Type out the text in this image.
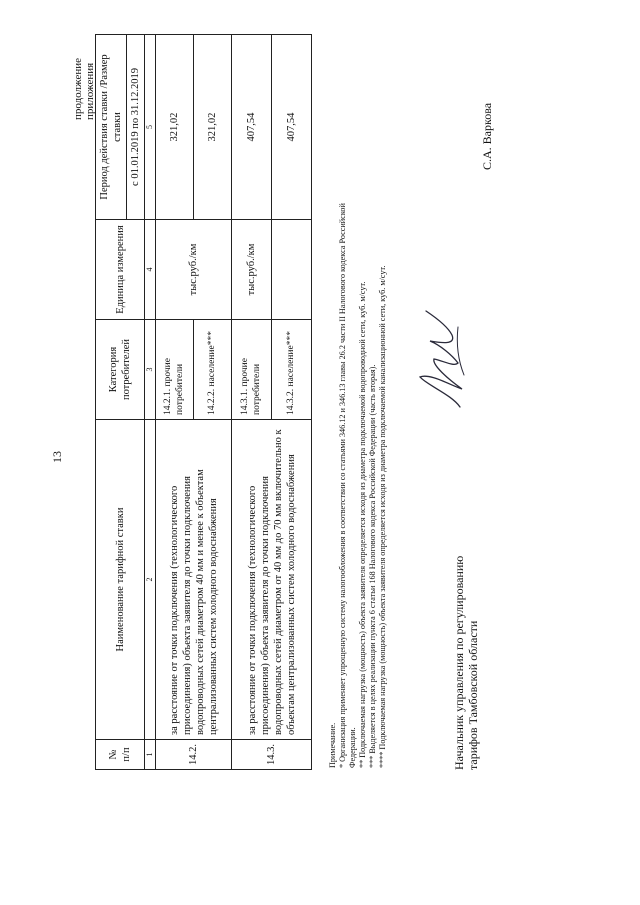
13
продолжение приложения
№ п/п	Наименование тарифной ставки	Категория потребителей	Единица измерения	Период действия ставки /Размер ставки
				с 01.01.2019 по 31.12.2019
1	2	3	4	5
14.2.	за расстояние от точки подключения (технологического присоединения) объекта заявителя до точки подключения водопроводных сетей диаметром 40 мм и менее к объектам централизованных систем холодного водоснабжения	14.2.1. прочие потребители	тыс.руб./км	321,02
		14.2.2. население***		321,02
14.3.	за расстояние от точки подключения (технологического присоединения) объекта заявителя до точки подключения водопроводных сетей диаметром от 40 мм до 70 мм включительно к объектам централизованных систем холодного водоснабжения	14.3.1. прочие потребители	тыс.руб./км	407,54
		14.3.2. население***		407,54
Примечание. * Организация применяет упрощенную систему налогообложения в соответствии со статьями 346.12 и 346.13 главы 26.2 части II Налогового кодекса Российской Федерации. ** Подключаемая нагрузка (мощность) объекта заявителя определяется исходя из диаметра подключаемой водопроводной сети, куб. м/сут. *** Выделяется в целях реализации пункта 6 статьи 168 Налогового кодекса Российской Федерации (часть вторая). **** Подключаемая нагрузка (мощность) объекта заявителя определяется исходя из диаметра подключаемой канализационной сети, куб. м/сут.	Начальник управления по регулированию тарифов Тамбовской области
С.А. Варкова
